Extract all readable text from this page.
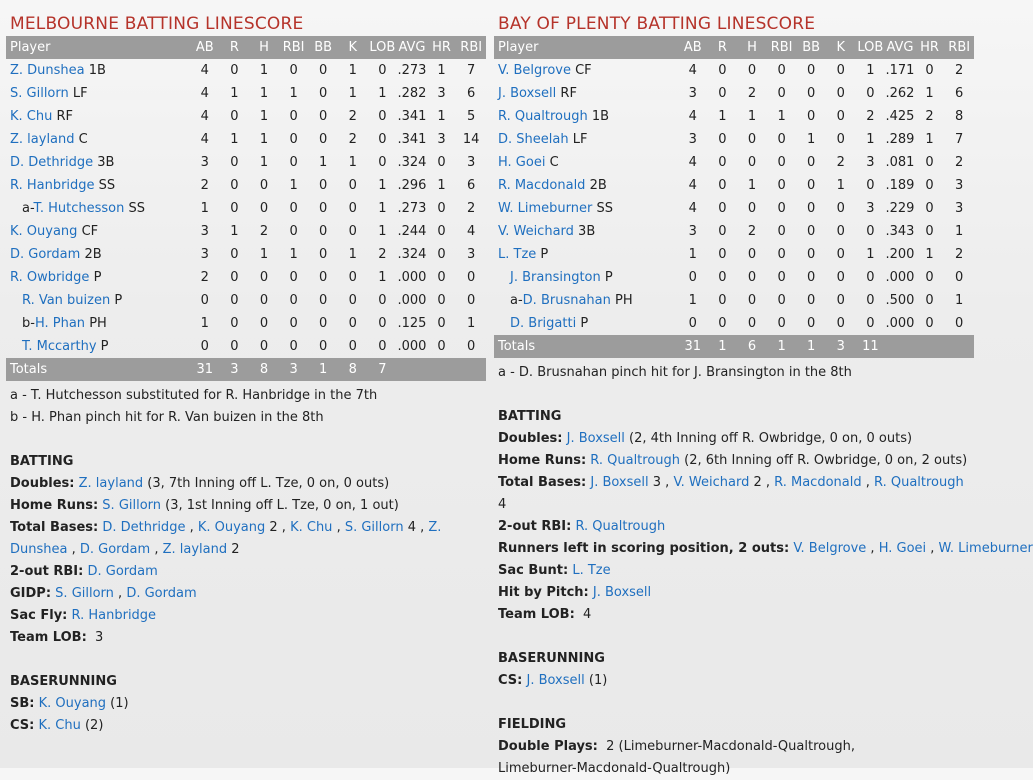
MELBOURNE BATTING LINESCORE
Player	AB	R	H	RBI	BB	K	LOB	AVG	HR	RBI
Z. Dunshea 1B	4	0	1	0	0	1	0	.273	1	7
S. Gillorn LF	4	1	1	1	0	1	1	.282	3	6
K. Chu RF	4	0	1	0	0	2	0	.341	1	5
Z. layland C	4	1	1	0	0	2	0	.341	3	14
D. Dethridge 3B	3	0	1	0	1	1	0	.324	0	3
R. Hanbridge SS	2	0	0	1	0	0	1	.296	1	6
a-T. Hutchesson SS	1	0	0	0	0	0	1	.273	0	2
K. Ouyang CF	3	1	2	0	0	0	1	.244	0	4
D. Gordam 2B	3	0	1	1	0	1	2	.324	0	3
R. Owbridge P	2	0	0	0	0	0	1	.000	0	0
R. Van buizen P	0	0	0	0	0	0	0	.000	0	0
b-H. Phan PH	1	0	0	0	0	0	0	.125	0	1
T. Mccarthy P	0	0	0	0	0	0	0	.000	0	0
Totals	31	3	8	3	1	8	7			
a - T. Hutchesson substituted for R. Hanbridge in the 7th
b - H. Phan pinch hit for R. Van buizen in the 8th
BATTING
Doubles: Z. layland (3, 7th Inning off L. Tze, 0 on, 0 outs)
Home Runs: S. Gillorn (3, 1st Inning off L. Tze, 0 on, 1 out)
Total Bases: D. Dethridge , K. Ouyang 2 , K. Chu , S. Gillorn 4 , Z. Dunshea , D. Gordam , Z. layland 2
2-out RBI: D. Gordam
GIDP: S. Gillorn , D. Gordam
Sac Fly: R. Hanbridge
Team LOB: 3
BASERUNNING
SB: K. Ouyang (1)
CS: K. Chu (2)
BAY OF PLENTY BATTING LINESCORE
Player	AB	R	H	RBI	BB	K	LOB	AVG	HR	RBI
V. Belgrove CF	4	0	0	0	0	0	1	.171	0	2
J. Boxsell RF	3	0	2	0	0	0	0	.262	1	6
R. Qualtrough 1B	4	1	1	1	0	0	2	.425	2	8
D. Sheelah LF	3	0	0	0	1	0	1	.289	1	7
H. Goei C	4	0	0	0	0	2	3	.081	0	2
R. Macdonald 2B	4	0	1	0	0	1	0	.189	0	3
W. Limeburner SS	4	0	0	0	0	0	3	.229	0	3
V. Weichard 3B	3	0	2	0	0	0	0	.343	0	1
L. Tze P	1	0	0	0	0	0	1	.200	1	2
J. Bransington P	0	0	0	0	0	0	0	.000	0	0
a-D. Brusnahan PH	1	0	0	0	0	0	0	.500	0	1
D. Brigatti P	0	0	0	0	0	0	0	.000	0	0
Totals	31	1	6	1	1	3	11			
a - D. Brusnahan pinch hit for J. Bransington in the 8th
BATTING
Doubles: J. Boxsell (2, 4th Inning off R. Owbridge, 0 on, 0 outs)
Home Runs: R. Qualtrough (2, 6th Inning off R. Owbridge, 0 on, 2 outs)
Total Bases: J. Boxsell 3 , V. Weichard 2 , R. Macdonald , R. Qualtrough 4
2-out RBI: R. Qualtrough
Runners left in scoring position, 2 outs: V. Belgrove , H. Goei , W. Limeburner
Sac Bunt: L. Tze
Hit by Pitch: J. Boxsell
Team LOB: 4
BASERUNNING
CS: J. Boxsell (1)
FIELDING
Double Plays: 2 (Limeburner-Macdonald-Qualtrough, Limeburner-Macdonald-Qualtrough)
